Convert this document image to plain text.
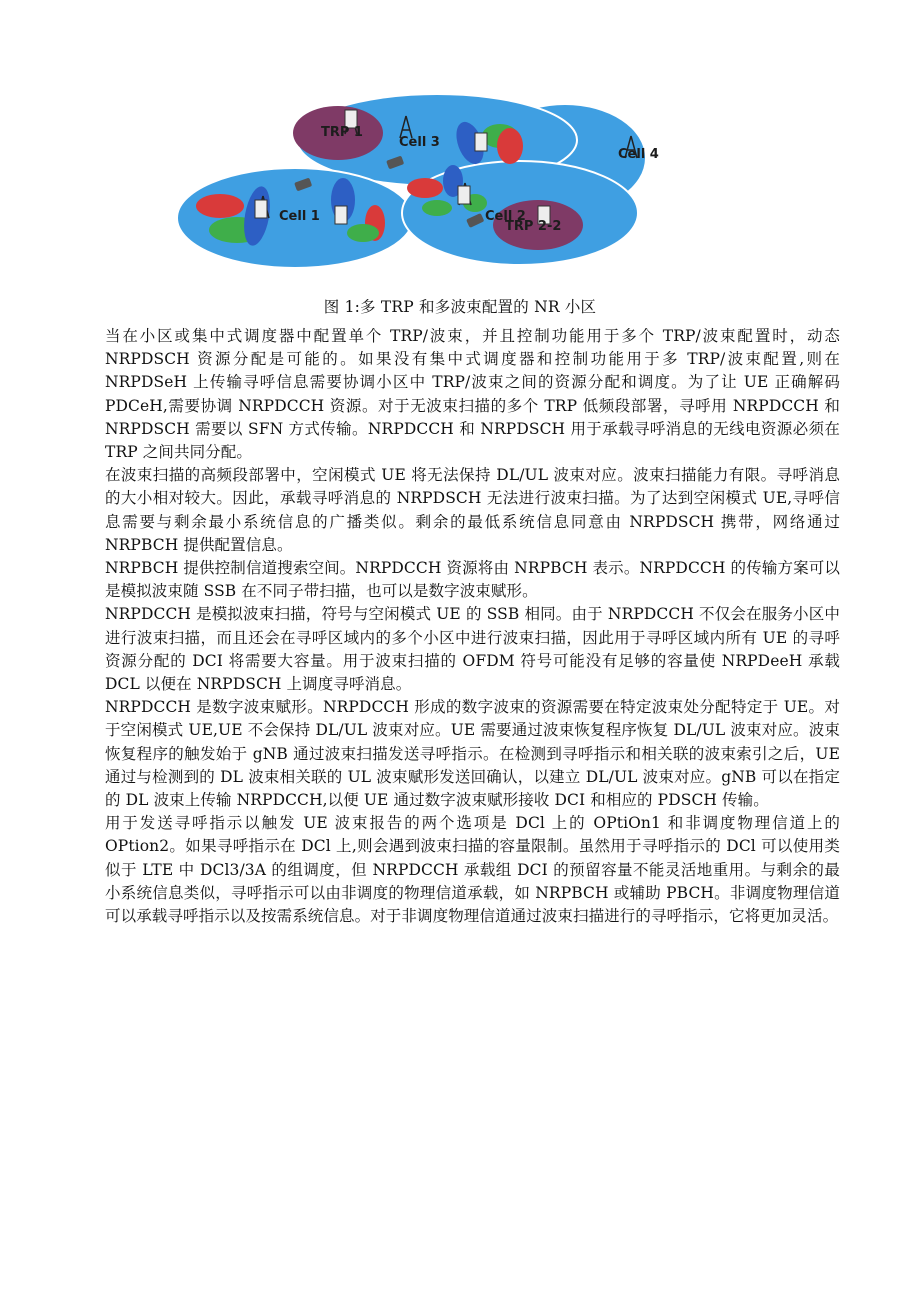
TRP 1
Cell 3
Cell 4
Cell 1	Cell 2
TRP 2-2
图 1:多 TRP 和多波束配置的 NR 小区

当在小区或集中式调度器中配置单个 TRP/波束，并且控制功能用于多个 TRP/波束配置时，动态 NRPDSCH 资源分配是可能的。如果没有集中式调度器和控制功能用于多 TRP/波束配置,则在 NRPDSeH 上传输寻呼信息需要协调小区中 TRP/波束之间的资源分配和调度。为了让 UE 正确解码 PDCeH,需要协调 NRPDCCH 资源。对于无波束扫描的多个 TRP 低频段部署，寻呼用 NRPDCCH 和 NRPDSCH 需要以 SFN 方式传输。NRPDCCH 和 NRPDSCH 用于承载寻呼消息的无线电资源必须在 TRP 之间共同分配。

在波束扫描的高频段部署中，空闲模式 UE 将无法保持 DL/UL 波束对应。波束扫描能力有限。寻呼消息的大小相对较大。因此，承载寻呼消息的 NRPDSCH 无法进行波束扫描。为了达到空闲模式 UE,寻呼信息需要与剩余最小系统信息的广播类似。剩余的最低系统信息同意由 NRPDSCH 携带，网络通过 NRPBCH 提供配置信息。

NRPBCH 提供控制信道搜索空间。NRPDCCH 资源将由 NRPBCH 表示。NRPDCCH 的传输方案可以是模拟波束随 SSB 在不同子带扫描，也可以是数字波束赋形。

NRPDCCH 是模拟波束扫描，符号与空闲模式 UE 的 SSB 相同。由于 NRPDCCH 不仅会在服务小区中进行波束扫描，而且还会在寻呼区域内的多个小区中进行波束扫描，因此用于寻呼区域内所有 UE 的寻呼资源分配的 DCI 将需要大容量。用于波束扫描的 OFDM 符号可能没有足够的容量使 NRPDeeH 承载 DCL 以便在 NRPDSCH 上调度寻呼消息。

NRPDCCH 是数字波束赋形。NRPDCCH 形成的数字波束的资源需要在特定波束处分配特定于 UE。对于空闲模式 UE,UE 不会保持 DL/UL 波束对应。UE 需要通过波束恢复程序恢复 DL/UL 波束对应。波束恢复程序的触发始于 gNB 通过波束扫描发送寻呼指示。在检测到寻呼指示和相关联的波束索引之后，UE 通过与检测到的 DL 波束相关联的 UL 波束赋形发送回确认，以建立 DL/UL 波束对应。gNB 可以在指定的 DL 波束上传输 NRPDCCH,以便 UE 通过数字波束赋形接收 DCI 和相应的 PDSCH 传输。

用于发送寻呼指示以触发 UE 波束报告的两个选项是 DCl 上的 OPtiOn1 和非调度物理信道上的 OPtion2。如果寻呼指示在 DCl 上,则会遇到波束扫描的容量限制。虽然用于寻呼指示的 DCl 可以使用类似于 LTE 中 DCl3/3A 的组调度，但 NRPDCCH 承载组 DCI 的预留容量不能灵活地重用。与剩余的最小系统信息类似，寻呼指示可以由非调度的物理信道承载，如 NRPBCH 或辅助 PBCH。非调度物理信道可以承载寻呼指示以及按需系统信息。对于非调度物理信道通过波束扫描进行的寻呼指示，它将更加灵活。
